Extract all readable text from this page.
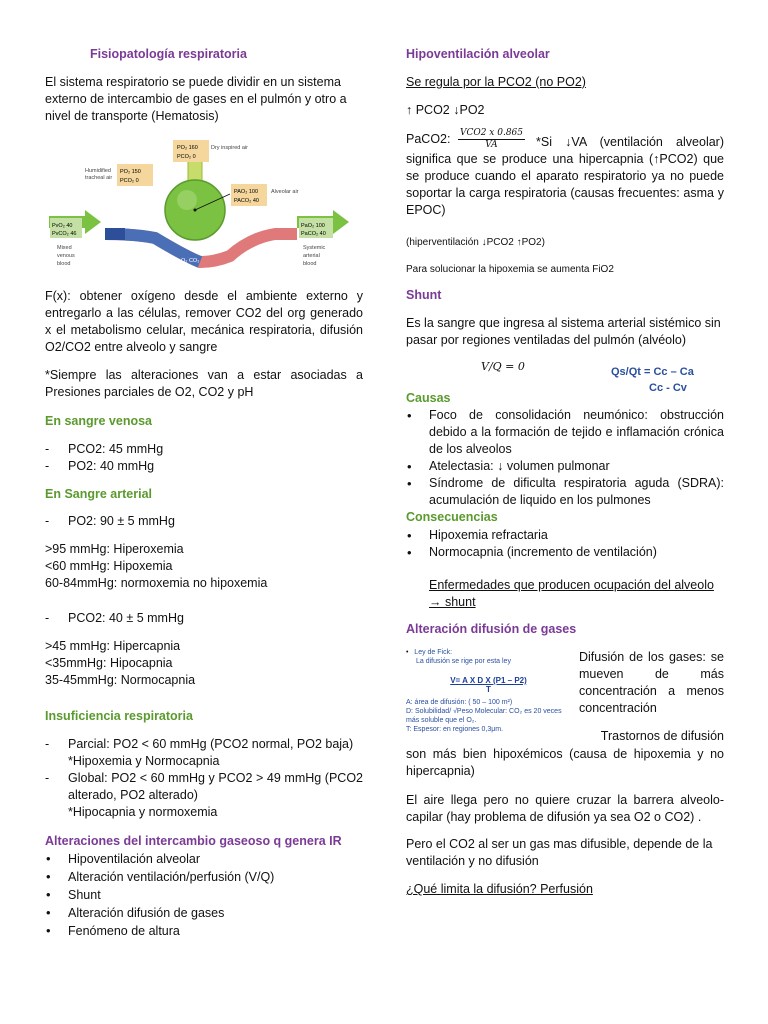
Fisiopatología respiratoria

El sistema respiratorio se puede dividir en un sistema externo de intercambio de gases en el pulmón y otro a nivel de transporte (Hematosis)

PO₂ 160
PCO₂ 0
Dry inspired air
Humidified
tracheal air
PO₂ 150
PCO₂ 0
PAO₂ 100
PACO₂ 40
Alveolar air
PvO₂ 40
PvCO₂ 46
Mixed
venous
blood
PaO₂ 100
PaCO₂ 40
Systemic
arterial
blood
O₂ CO₂

F(x): obtener oxígeno desde el ambiente externo y entregarlo a las células, remover CO2 del org generado x el metabolismo celular, mecánica respiratoria, difusión O2/CO2 entre alveolo y sangre

*Siempre las alteraciones van a estar asociadas a Presiones parciales de O2, CO2 y pH

En sangre venosa
- PCO2: 45 mmHg
- PO2: 40 mmHg
En Sangre arterial
- PO2: 90 ± 5 mmHg

>95 mmHg: Hiperoxemia

<60 mmHg: Hipoxemia

60-84mmHg: normoxemia no hipoxemia

- PCO2: 40 ± 5 mmHg

>45 mmHg: Hipercapnia

<35mmHg: Hipocapnia

35-45mmHg: Normocapnia

Insuficiencia respiratoria
- Parcial: PO2 < 60 mmHg (PCO2 normal, PO2 baja)
*Hipoxemia y Normocapnia
- Global: PO2 < 60 mmHg y PCO2 > 49 mmHg (PCO2 alterado, PO2 alterado)
*Hipocapnia y normoxemia
Alteraciones del intercambio gaseoso q genera IR
• Hipoventilación alveolar
• Alteración ventilación/perfusión (V/Q)
• Shunt
• Alteración difusión de gases
• Fenómeno de altura
Hipoventilación alveolar

Se regula por la PCO2 (no PO2)

↑ PCO2 ↓PO2

PaCO2: $\frac{\text{VCO2 x 0.865}}{VA} *Si$ ↓VA (ventilación alveolar) significa que se produce una hipercapnia (↑PCO2) que se produce cuando el aparato respiratorio ya no puede soportar la carga respiratoria (causas frecuentes: asma y EPOC)

(hiperventilación ↓PCO2 ↑PO2)

Para solucionar la hipoxemia se aumenta FiO2

Shunt

Es la sangre que ingresa al sistema arterial sistémico sin pasar por regiones ventiladas del pulmón (alvéolo)

V/Q = 0	Qs/Qt = Cc – Ca
Cc - Cv
Causas
• Foco de consolidación neumónico: obstrucción debido a la formación de tejido e inflamación crónica de los alveolos
• Atelectasia: ↓ volumen pulmonar
• Síndrome de dificulta respiratoria aguda (SDRA): acumulación de liquido en los pulmones
Consecuencias
• Hipoxemia refractaria
• Normocapnia (incremento de ventilación)

Enfermedades que producen ocupación del alveolo → shunt

Alteración difusión de gases
•   Ley de Fick:
La difusión se rige por esta ley
V= A X D X (P1 – P2)
T
A: área de difusión: ( 50 – 100 m²)
D: Solubilidad/ √Peso Molecular: CO₂ es 20 veces más soluble que el O₂.
T: Espesor: en regiones 0,3μm.

Difusión de los gases: se mueven de más concentración a menos concentración

Trastornos de difusión

son más bien hipoxémicos (causa de hipoxemia y no hipercapnia)

El aire llega pero no quiere cruzar la barrera alveolo-capilar (hay problema de difusión ya sea O2 o CO2) .

Pero el CO2 al ser un gas mas difusible, depende de la ventilación y no difusión

¿Qué limita la difusión? Perfusión
